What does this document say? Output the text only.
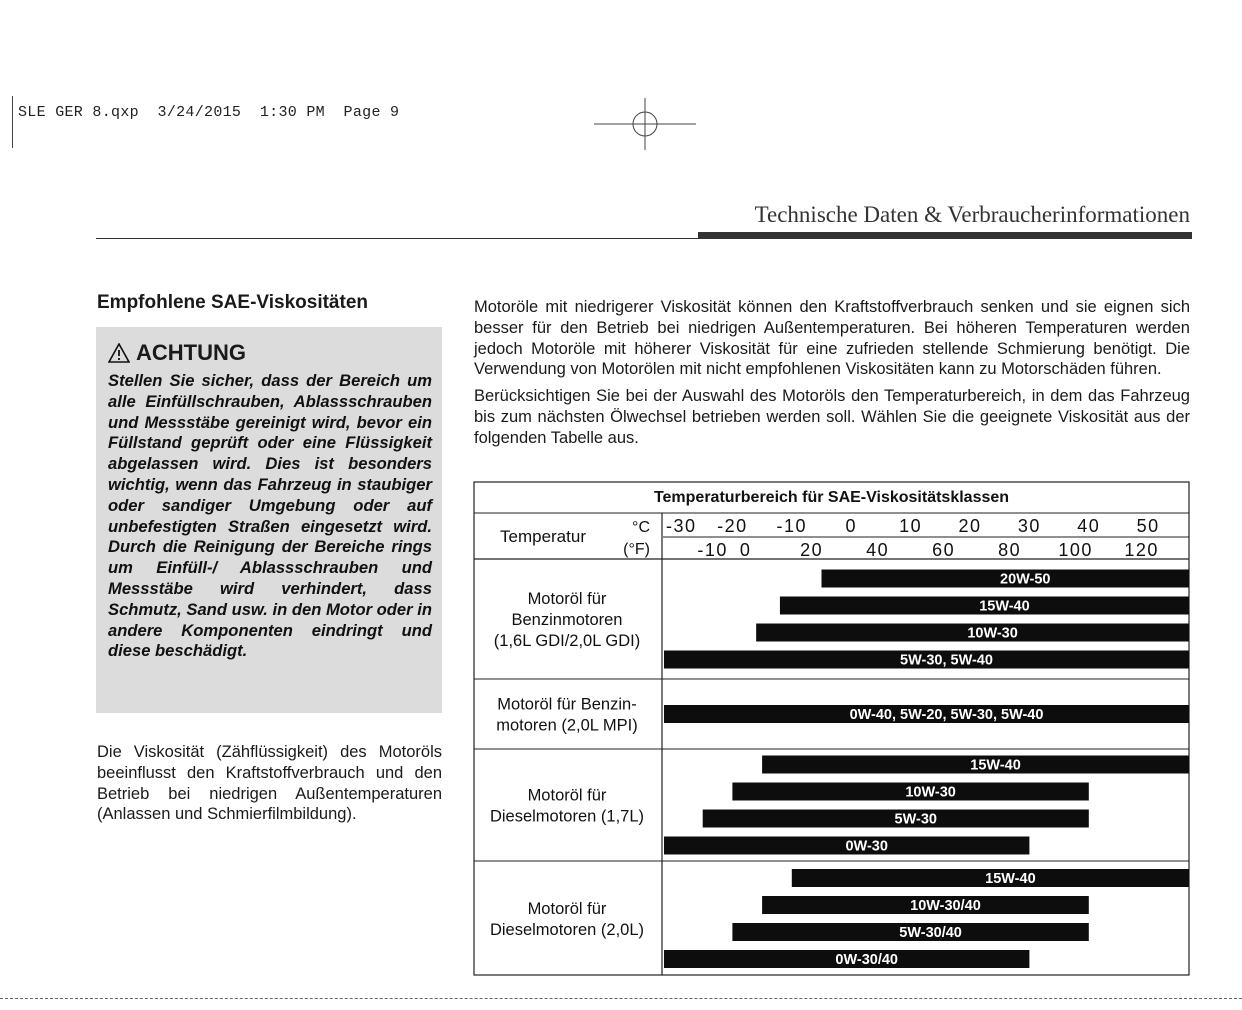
SLE GER 8.qxp  3/24/2015  1:30 PM  Page 9
Technische Daten & Verbraucherinformationen
Empfohlene SAE-Viskositäten
ACHTUNG
Stellen Sie sicher, dass der Bereich um alle Einfüllschrauben, Ablassschrauben und Messstäbe gereinigt wird, bevor ein Füllstand geprüft oder eine Flüssigkeit abgelassen wird. Dies ist besonders wichtig, wenn das Fahrzeug in staubiger oder sandiger Umgebung oder auf unbefestigten Straßen eingesetzt wird. Durch die Reinigung der Bereiche rings um Einfüll-/ Ablassschrauben und Messstäbe wird verhindert, dass Schmutz, Sand usw. in den Motor oder in andere Komponenten eindringt und diese beschädigt.
Die Viskosität (Zähflüssigkeit) des Motoröls beeinflusst den Kraftstoffverbrauch und den Betrieb bei niedrigen Außentemperaturen (Anlassen und Schmierfilmbildung).

Motoröle mit niedrigerer Viskosität können den Kraftstoffverbrauch senken und sie eignen sich besser für den Betrieb bei niedrigen Außentemperaturen. Bei höheren Temperaturen werden jedoch Motoröle mit höherer Viskosität für eine zufrieden stellende Schmierung benötigt. Die Verwendung von Motorölen mit nicht empfohlenen Viskositäten kann zu Motorschäden führen.

Berücksichtigen Sie bei der Auswahl des Motoröls den Temperaturbereich, in dem das Fahrzeug bis zum nächsten Ölwechsel betrieben werden soll. Wählen Sie die geeignete Viskosität aus der folgenden Tabelle aus.

Temperaturbereich für SAE-Viskositätsklassen
Temperatur	°C
(°F)
-30 -20 -10 0 10 20 30 40 50
-10 0	20 40 60 80 100 120
Motoröl für
Benzinmotoren
(1,6L GDI/2,0L GDI)
20W-50
15W-40
10W-30
5W-30, 5W-40
Motoröl für Benzin-
motoren (2,0L MPI)
0W-40, 5W-20, 5W-30, 5W-40
Motoröl für
Dieselmotoren (1,7L)
15W-40
10W-30
5W-30
0W-30
Motoröl für
Dieselmotoren (2,0L)
15W-40
10W-30/40
5W-30/40
0W-30/40
